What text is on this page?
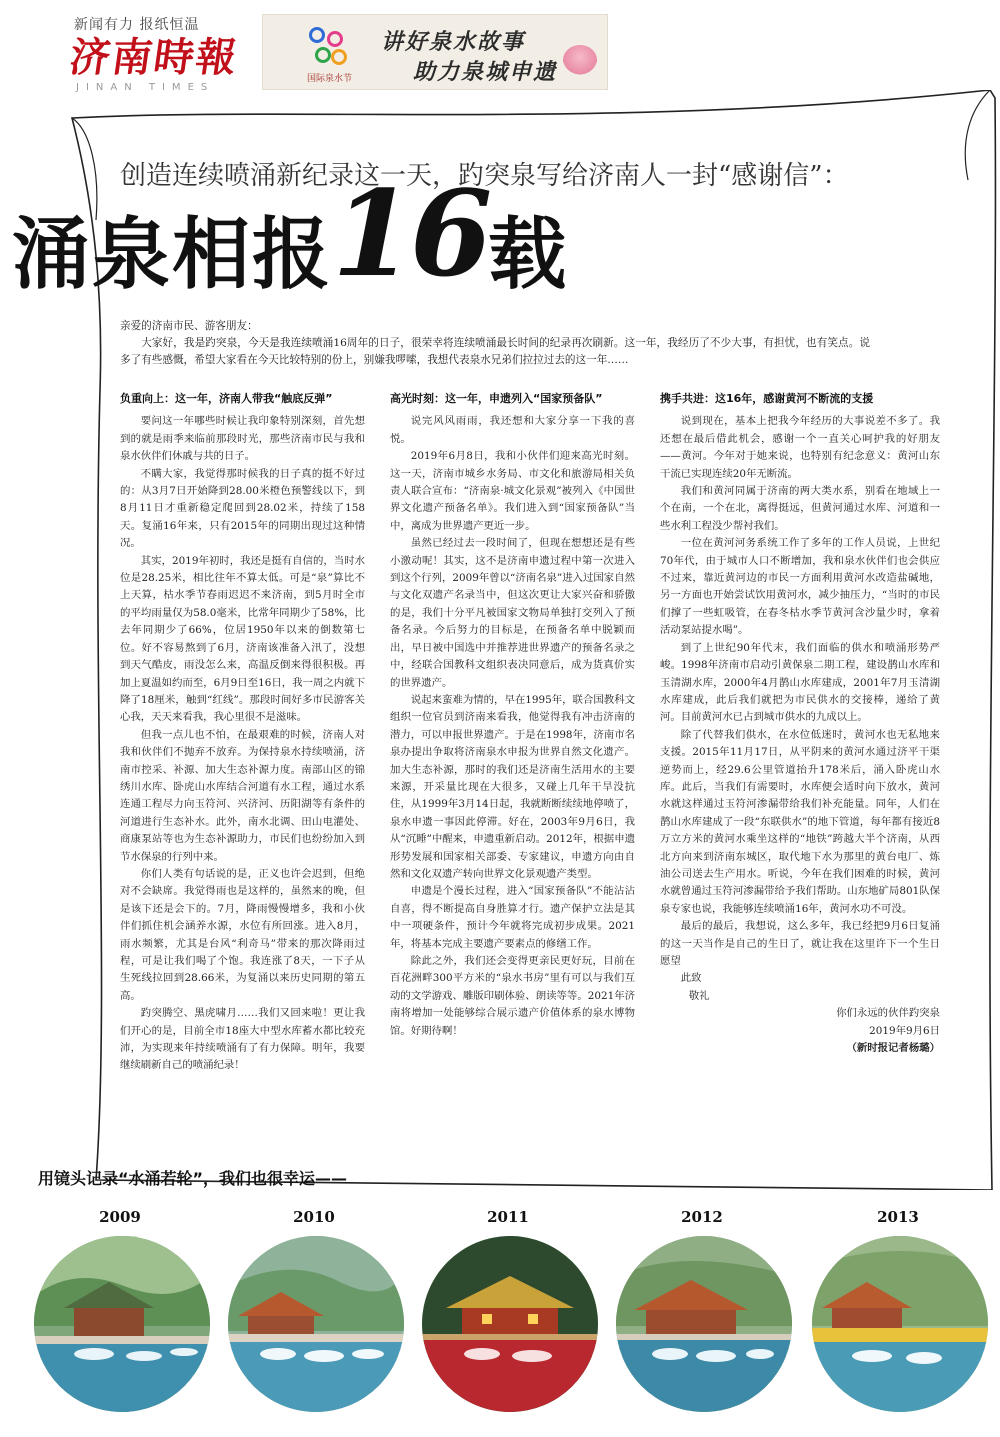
新闻有力 报纸恒温
济南時報
JINAN TIMES
国际泉水节
讲好泉水故事
助力泉城申遗
创造连续喷涌新纪录这一天，趵突泉写给济南人一封“感谢信”：
涌泉相报16载

亲爱的济南市民、游客朋友：

大家好，我是趵突泉，今天是我连续喷涌16周年的日子，很荣幸将连续喷涌最长时间的纪录再次刷新。这一年，我经历了不少大事，有担忧，也有笑点。说多了有些感慨，希望大家看在今天比较特别的份上，别嫌我啰嗦，我想代表泉水兄弟们拉拉过去的这一年……

负重向上：这一年，济南人带我“触底反弹”

要问这一年哪些时候让我印象特别深刻，首先想到的就是雨季来临前那段时光，那些济南市民与我和泉水伙伴们休戚与共的日子。

不瞒大家，我觉得那时候我的日子真的挺不好过的：从3月7日开始降到28.00米橙色预警线以下，到8月11日才重新稳定爬回到28.02米，持续了158天。复涌16年来，只有2015年的同期出现过这种情况。

其实，2019年初时，我还是挺有自信的，当时水位是28.25米，相比往年不算太低。可是“泉”算比不上天算，枯水季节春雨迟迟不来济南，到5月时全市的平均雨量仅为58.0毫米，比常年同期少了58%，比去年同期少了66%，位居1950年以来的倒数第七位。好不容易熬到了6月，济南该准备入汛了，没想到天气酷皮，雨没怎么来，高温反倒来得很积极。再加上夏温如约而至，6月9日至16日，我一周之内就下降了18厘米，触到“红线”。那段时间好多市民游客关心我，天天来看我，我心里很不是滋味。

但我一点儿也不怕，在最艰难的时候，济南人对我和伙伴们不抛弃不放弃。为保持泉水持续喷涌，济南市控采、补源、加大生态补源力度。南部山区的锦绣川水库、卧虎山水库结合河道有水工程，通过水系连通工程尽力向玉符河、兴济河、历阳湖等有条件的河道进行生态补水。此外，南水北调、田山电灌处、商康泵站等也为生态补源助力，市民们也纷纷加入到节水保泉的行列中来。

你们人类有句话说的是，正义也许会迟到，但绝对不会缺席。我觉得雨也是这样的，虽然来的晚，但是该下还是会下的。7月，降雨慢慢增多，我和小伙伴们抓住机会涵养水源，水位有所回涨。进入8月，雨水频繁，尤其是台风“利奇马”带来的那次降雨过程，可是让我们喝了个饱。我连涨了8天，一下子从生死线拉回到28.66米，为复涌以来历史同期的第五高。

趵突腾空、黑虎啸月……我们又回来啦！更让我们开心的是，目前全市18座大中型水库蓄水都比较充沛，为实现来年持续喷涌有了有力保障。明年，我要继续刷新自己的喷涌纪录！

高光时刻：这一年，申遗列入“国家预备队”

说完风风雨雨，我还想和大家分享一下我的喜悦。

2019年6月8日，我和小伙伴们迎来高光时刻。这一天，济南市城乡水务局、市文化和旅游局相关负责人联合宣布：“济南泉·城文化景观”被列入《中国世界文化遗产预备名单》。我们进入到“国家预备队”当中，离成为世界遗产更近一步。

虽然已经过去一段时间了，但现在想想还是有些小激动呢！其实，这不是济南申遗过程中第一次进入到这个行列，2009年曾以“济南名泉”进入过国家自然与文化双遗产名录当中，但这次更让大家兴奋和骄傲的是，我们十分平凡被国家文物局单独打交列入了预备名录。今后努力的目标是，在预备名单中脱颖而出，早日被中国选中并推荐进世界遗产的预备名录之中，经联合国教科文组织表决同意后，成为货真价实的世界遗产。

说起来蛮难为情的，早在1995年，联合国教科文组织一位官员到济南来看我，他觉得我有冲击济南的潜力，可以申报世界遗产。于是在1998年，济南市名泉办提出争取将济南泉水申报为世界自然文化遗产。加大生态补源，那时的我们还是济南生活用水的主要来源，开采量比现在大很多，又碰上几年干旱没抗住，从1999年3月14日起，我就断断续续地停喷了，泉水申遗一事因此停滞。好在，2003年9月6日，我从“沉睡”中醒来，申遗重新启动。2012年，根据申遗形势发展和国家相关部委、专家建议，申遗方向由自然和文化双遗产转向世界文化景观遗产类型。

申遗是个漫长过程，进入“国家预备队”不能沾沾自喜，得不断提高自身胜算才行。遗产保护立法是其中一项硬条件，预计今年就将完成初步成果。2021年，将基本完成主要遗产要素点的修缮工作。

除此之外，我们还会变得更亲民更好玩，目前在百花洲畔300平方米的“泉水书房”里有可以与我们互动的文学游戏、雕版印刷体验、朗读等等。2021年济南将增加一处能够综合展示遗产价值体系的泉水博物馆。好期待啊！

携手共进：这16年，感谢黄河不断流的支援

说到现在，基本上把我今年经历的大事说差不多了。我还想在最后借此机会，感谢一个一直关心呵护我的好朋友——黄河。今年对于她来说，也特别有纪念意义：黄河山东干流已实现连续20年无断流。

我们和黄河同属于济南的两大类水系，别看在地域上一个在南，一个在北，离得挺远，但黄河通过水库、河道和一些水利工程没少帮衬我们。

一位在黄河河务系统工作了多年的工作人员说，上世纪70年代，由于城市人口不断增加，我和泉水伙伴们也会供应不过来，靠近黄河边的市民一方面利用黄河水改造盐碱地，另一方面也开始尝试饮用黄河水，减少抽压力，“当时的市民们撑了一些虹吸管，在春冬枯水季节黄河含沙量少时，拿着活动泵站提水喝”。

到了上世纪90年代末，我们面临的供水和喷涌形势严峻。1998年济南市启动引黄保泉二期工程，建设鹊山水库和玉清湖水库，2000年4月鹊山水库建成，2001年7月玉清湖水库建成，此后我们就把为市民供水的交接棒，递给了黄河。目前黄河水已占到城市供水的九成以上。

除了代替我们供水，在水位低迷时，黄河水也无私地来支援。2015年11月17日，从平阴来的黄河水通过济平干渠逆势而上，经29.6公里管道抬升178米后，涌入卧虎山水库。此后，当我们有需要时，水库便会适时向下放水，黄河水就这样通过玉符河渗漏带给我们补充能量。同年，人们在鹊山水库建成了一段“东联供水”的地下管道，每年都有接近8万立方米的黄河水乘坐这样的“地铁”跨越大半个济南，从西北方向来到济南东城区，取代地下水为那里的黄台电厂、炼油公司送去生产用水。听说，今年在我们困难的时候，黄河水就曾通过玉符河渗漏带给予我们帮助。山东地矿局801队保泉专家也说，我能够连续喷涌16年，黄河水功不可没。

最后的最后，我想说，这么多年，我已经把9月6日复涌的这一天当作是自己的生日了，就让我在这里许下一个生日愿望

此致

敬礼

你们永远的伙伴趵突泉

2019年9月6日

（新时报记者杨璐）

用镜头记录“水涌若轮”，我们也很幸运——
2009	2010	2011	2012	2013
